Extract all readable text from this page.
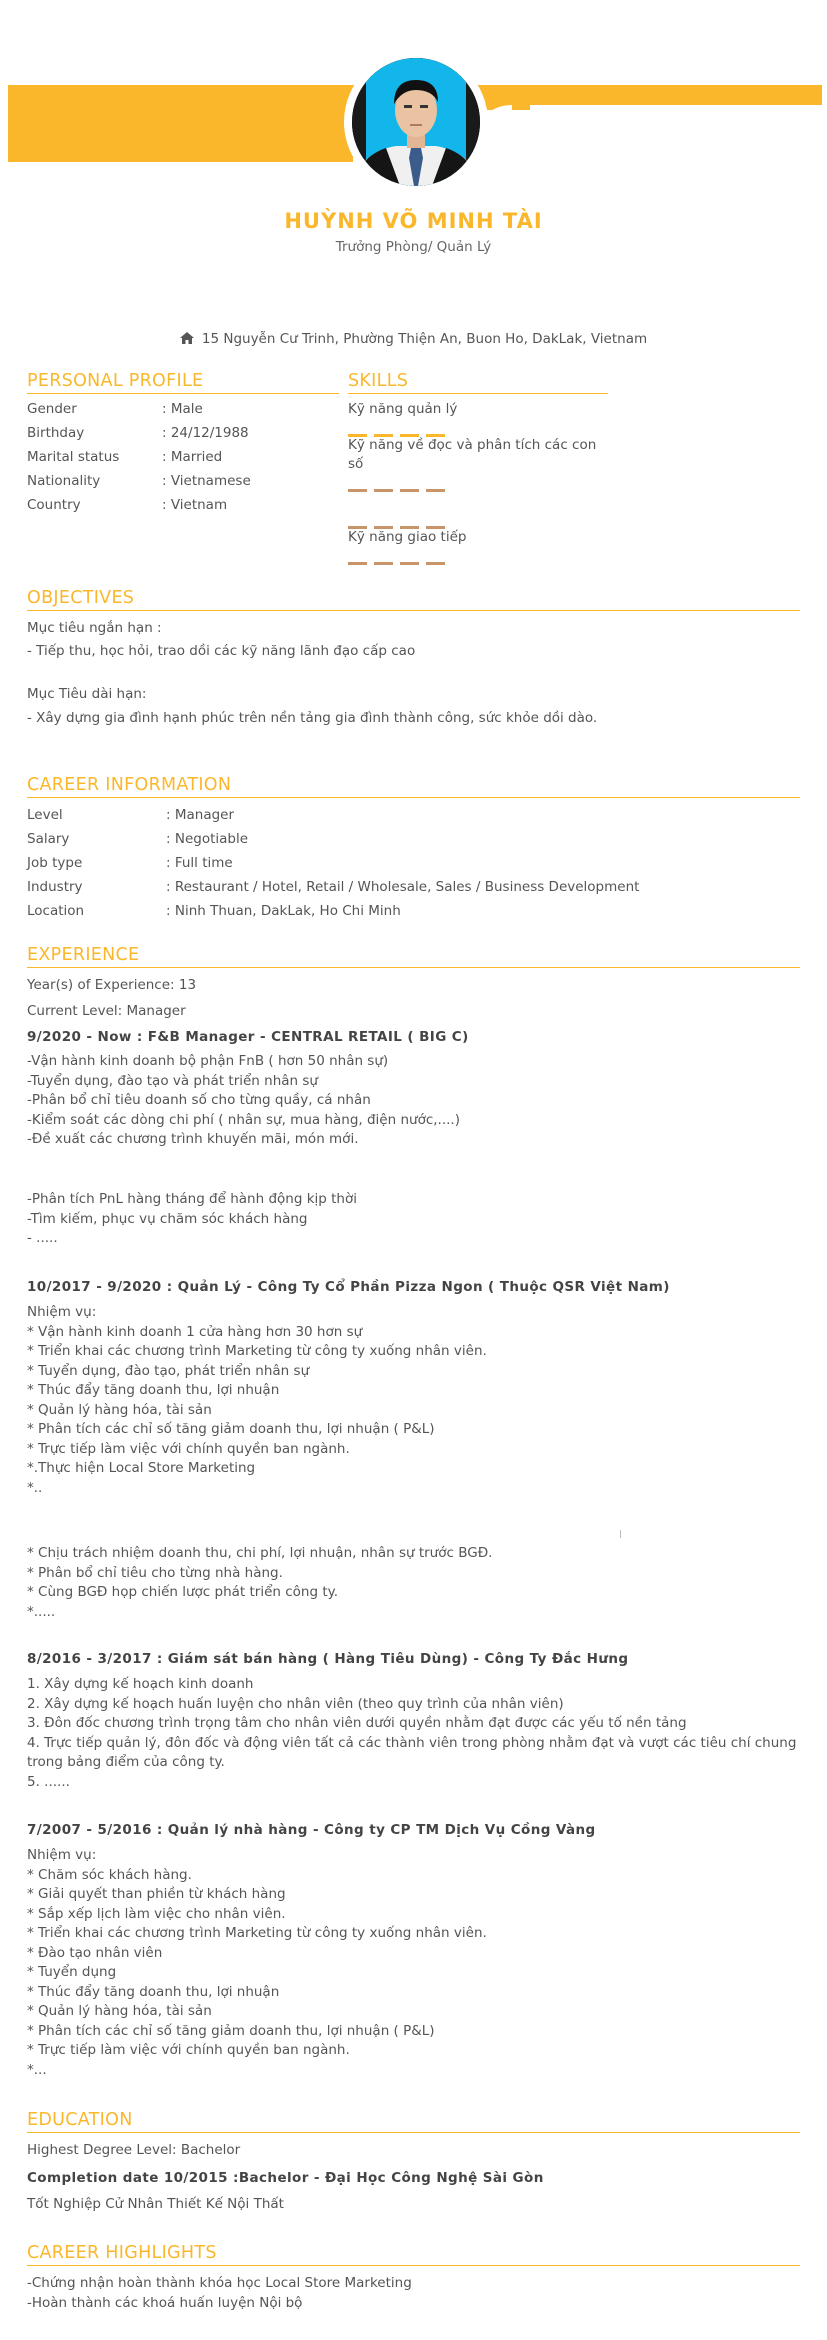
HUỲNH VÕ MINH TÀI
Trưởng Phòng/ Quản Lý
15 Nguyễn Cư Trinh, Phường Thiện An, Buon Ho, DakLak, Vietnam
PERSONAL PROFILE
Gender	: Male
Birthday	: 24/12/1988
Marital status	: Married
Nationality	: Vietnamese
Country	: Vietnam
SKILLS
Kỹ năng quản lý
Kỹ năng về đọc và phân tích các con
số
Kỹ năng giao tiếp
OBJECTIVES
Mục tiêu ngắn hạn :
- Tiếp thu, học hỏi, trao dồi các kỹ năng lãnh đạo cấp cao
Mục Tiêu dài hạn:
- Xây dựng gia đình hạnh phúc trên nền tảng gia đình thành công, sức khỏe dồi dào.
CAREER INFORMATION
Level	: Manager
Salary	: Negotiable
Job type	: Full time
Industry	: Restaurant / Hotel, Retail / Wholesale, Sales / Business Development
Location	: Ninh Thuan, DakLak, Ho Chi Minh
EXPERIENCE
Year(s) of Experience: 13
Current Level: Manager
9/2020 - Now : F&B Manager - CENTRAL RETAIL ( BIG C)
-Vận hành kinh doanh bộ phận FnB ( hơn 50 nhân sự)
-Tuyển dụng, đào tạo và phát triển nhân sự
-Phân bổ chỉ tiêu doanh số cho từng quầy, cá nhân
-Kiểm soát các dòng chi phí ( nhân sự, mua hàng, điện nước,....)
-Đề xuất các chương trình khuyến mãi, món mới.
-Phân tích PnL hàng tháng để hành động kịp thời
-Tìm kiếm, phục vụ chăm sóc khách hàng
- .....
10/2017 - 9/2020 : Quản Lý - Công Ty Cổ Phần Pizza Ngon ( Thuộc QSR Việt Nam)
Nhiệm vụ:
* Vận hành kinh doanh 1 cửa hàng hơn 30 hơn sự
* Triển khai các chương trình Marketing từ công ty xuống nhân viên.
* Tuyển dụng, đào tạo, phát triển nhân sự
* Thúc đẩy tăng doanh thu, lợi nhuận
* Quản lý hàng hóa, tài sản
* Phân tích các chỉ số tăng giảm doanh thu, lợi nhuận ( P&L)
* Trực tiếp làm việc với chính quyền ban ngành.
*.Thực hiện Local Store Marketing
*..
* Chịu trách nhiệm doanh thu, chi phí, lợi nhuận, nhân sự trước BGĐ.
* Phân bổ chỉ tiêu cho từng nhà hàng.
* Cùng BGĐ họp chiến lược phát triển công ty.
*.....
8/2016 - 3/2017 : Giám sát bán hàng ( Hàng Tiêu Dùng) - Công Ty Đắc Hưng
1. Xây dựng kế hoạch kinh doanh
2. Xây dựng kế hoạch huấn luyện cho nhân viên (theo quy trình của nhân viên)
3. Đôn đốc chương trình trọng tâm cho nhân viên dưới quyền nhằm đạt được các yếu tố nền tảng
4. Trực tiếp quản lý, đôn đốc và động viên tất cả các thành viên trong phòng nhằm đạt và vượt các tiêu chí chung
trong bảng điểm của công ty.
5. ......
7/2007 - 5/2016 : Quản lý nhà hàng - Công ty CP TM Dịch Vụ Cồng Vàng
Nhiệm vụ:
* Chăm sóc khách hàng.
* Giải quyết than phiền từ khách hàng
* Sắp xếp lịch làm việc cho nhân viên.
* Triển khai các chương trình Marketing từ công ty xuống nhân viên.
* Đào tạo nhân viên
* Tuyển dụng
* Thúc đẩy tăng doanh thu, lợi nhuận
* Quản lý hàng hóa, tài sản
* Phân tích các chỉ số tăng giảm doanh thu, lợi nhuận ( P&L)
* Trực tiếp làm việc với chính quyền ban ngành.
*...
EDUCATION
Highest Degree Level: Bachelor
Completion date 10/2015 :Bachelor - Đại Học Công Nghệ Sài Gòn
Tốt Nghiệp Cử Nhân Thiết Kế Nội Thất
CAREER HIGHLIGHTS
-Chứng nhận hoàn thành khóa học Local Store Marketing
-Hoàn thành các khoá huấn luyện Nội bộ
